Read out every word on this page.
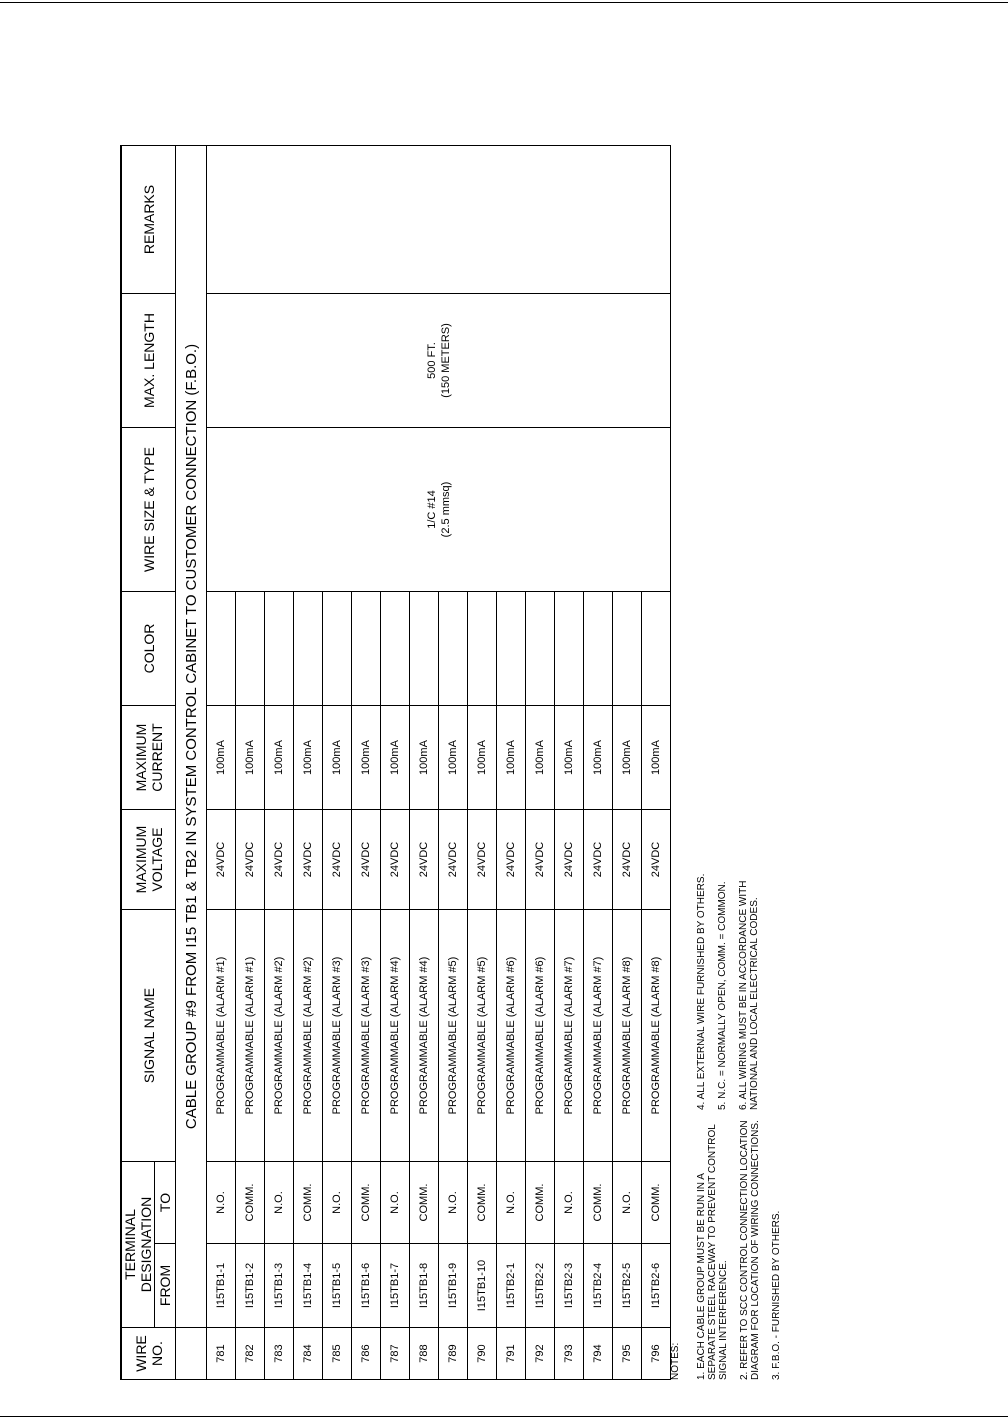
WIRE NO.	TERMINAL DESIGNATION		SIGNAL NAME	MAXIMUM VOLTAGE	MAXIMUM CURRENT	COLOR	WIRE SIZE & TYPE	MAX. LENGTH	REMARKS
	FROM	TO							
	CABLE GROUP #9 FROM I15 TB1 & TB2 IN SYSTEM CONTROL CABINET TO CUSTOMER CONNECTION (F.B.O.)								
781	I15TB1-1	N.O.	PROGRAMMABLE (ALARM #1)	24VDC	100mA		1/C #14 (2.5 mmsq)	500 FT. (150 METERS)	
782	I15TB1-2	COMM.	PROGRAMMABLE (ALARM #1)	24VDC	100mA				
783	I15TB1-3	N.O.	PROGRAMMABLE (ALARM #2)	24VDC	100mA				
784	I15TB1-4	COMM.	PROGRAMMABLE (ALARM #2)	24VDC	100mA				
785	I15TB1-5	N.O.	PROGRAMMABLE (ALARM #3)	24VDC	100mA				
786	I15TB1-6	COMM.	PROGRAMMABLE (ALARM #3)	24VDC	100mA				
787	I15TB1-7	N.O.	PROGRAMMABLE (ALARM #4)	24VDC	100mA				
788	I15TB1-8	COMM.	PROGRAMMABLE (ALARM #4)	24VDC	100mA				
789	I15TB1-9	N.O.	PROGRAMMABLE (ALARM #5)	24VDC	100mA				
790	I15TB1-10	COMM.	PROGRAMMABLE (ALARM #5)	24VDC	100mA				
791	I15TB2-1	N.O.	PROGRAMMABLE (ALARM #6)	24VDC	100mA				
792	I15TB2-2	COMM.	PROGRAMMABLE (ALARM #6)	24VDC	100mA				
793	I15TB2-3	N.O.	PROGRAMMABLE (ALARM #7)	24VDC	100mA				
794	I15TB2-4	COMM.	PROGRAMMABLE (ALARM #7)	24VDC	100mA				
795	I15TB2-5	N.O.	PROGRAMMABLE (ALARM #8)	24VDC	100mA				
796	I15TB2-6	COMM.	PROGRAMMABLE (ALARM #8)	24VDC	100mA				
NOTES: 1. EACH CABLE GROUP MUST BE RUN IN A SEPARATE STEEL RACEWAY TO PREVENT CONTROL SIGNAL INTERFERENCE. 2. REFER TO SCC CONTROL CONNECTION LOCATION DIAGRAM FOR LOCATION OF WIRING CONNECTIONS. 3. F.B.O. - FURNISHED BY OTHERS.

4. ALL EXTERNAL WIRE FURNISHED BY OTHERS. 5. N.C. = NORMALLY OPEN, COMM. = COMMON. 6. ALL WIRING MUST BE IN ACCORDANCE WITH NATIONAL AND LOCAL ELECTRICAL CODES.
